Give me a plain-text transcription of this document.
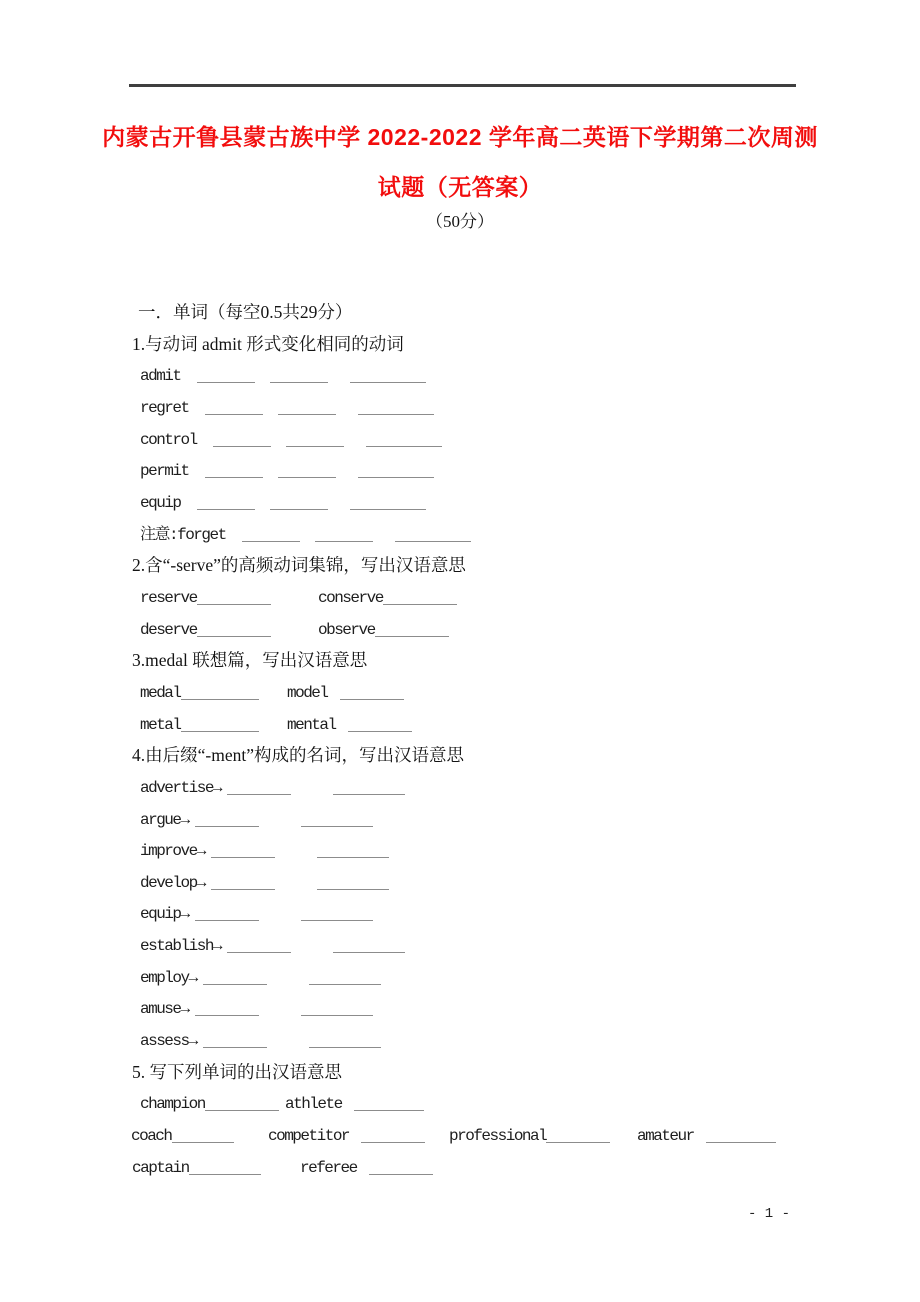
内蒙古开鲁县蒙古族中学 2022-2022 学年高二英语下学期第二次周测
试题（无答案）
（50分）
一．单词（每空0.5共29分）
1.与动词 admit 形式变化相同的动词
admit
regret
control
permit
equip
注意:forget
2.含“-serve”的高频动词集锦，写出汉语意思
reserve	conserve
deserve	observe
3.medal 联想篇，写出汉语意思
medal	model
metal	mental
4.由后缀“-ment”构成的名词，写出汉语意思
advertise→
argue→
improve→
develop→
equip→
establish→
employ→
amuse→
assess→
5. 写下列单词的出汉语意思
champion	athlete
coach	competitor	professional	amateur
captain	referee
- 1 -
